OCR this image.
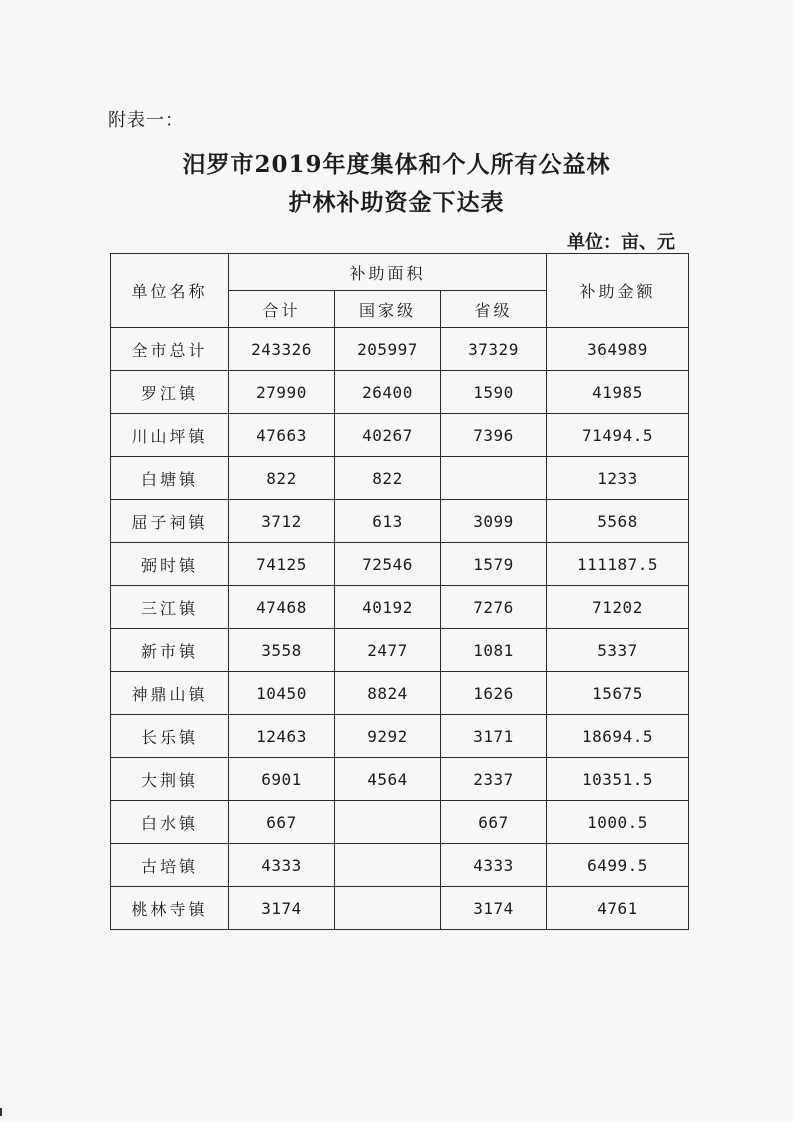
附表一：
汨罗市2019年度集体和个人所有公益林
护林补助资金下达表
单位：亩、元
单位名称	补助面积			补助金额
	合计	国家级	省级	
全市总计	243326	205997	37329	364989
罗江镇	27990	26400	1590	41985
川山坪镇	47663	40267	7396	71494.5
白塘镇	822	822		1233
屈子祠镇	3712	613	3099	5568
弼时镇	74125	72546	1579	111187.5
三江镇	47468	40192	7276	71202
新市镇	3558	2477	1081	5337
神鼎山镇	10450	8824	1626	15675
长乐镇	12463	9292	3171	18694.5
大荆镇	6901	4564	2337	10351.5
白水镇	667		667	1000.5
古培镇	4333		4333	6499.5
桃林寺镇	3174		3174	4761
